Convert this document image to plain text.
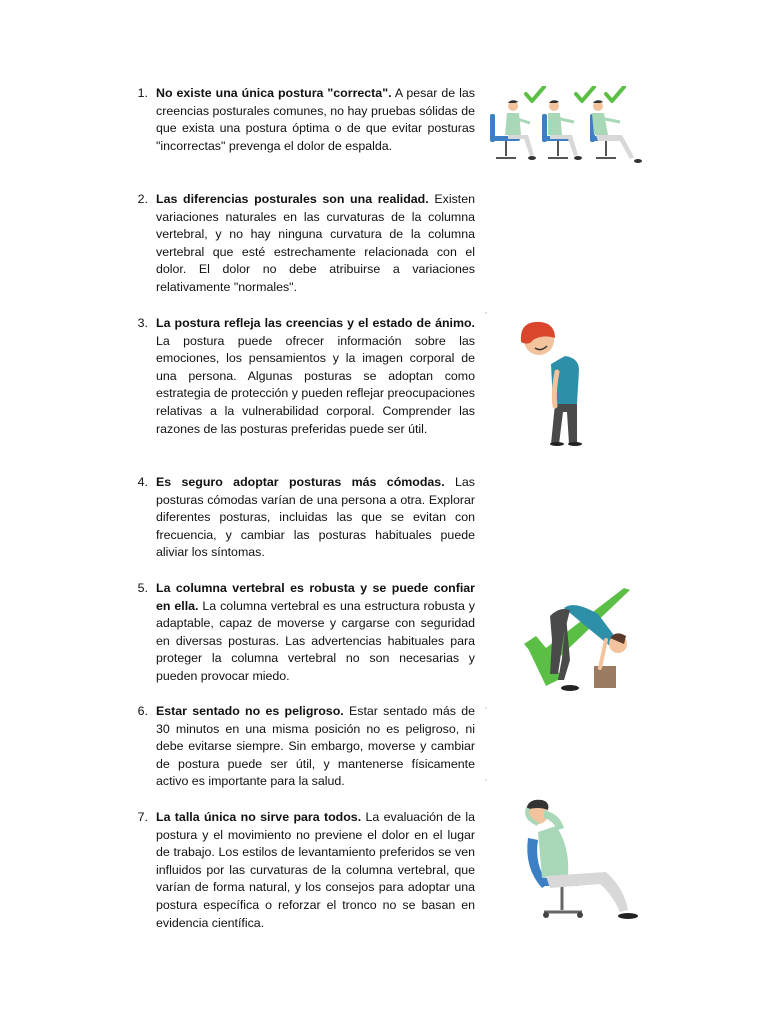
1. No existe una única postura "correcta". A pesar de las creencias posturales comunes, no hay pruebas sólidas de que exista una postura óptima o de que evitar posturas "incorrectas" prevenga el dolor de espalda.
2. Las diferencias posturales son una realidad. Existen variaciones naturales en las curvaturas de la columna vertebral, y no hay ninguna curvatura de la columna vertebral que esté estrechamente relacionada con el dolor. El dolor no debe atribuirse a variaciones relativamente "normales".
3. La postura refleja las creencias y el estado de ánimo. La postura puede ofrecer información sobre las emociones, los pensamientos y la imagen corporal de una persona. Algunas posturas se adoptan como estrategia de protección y pueden reflejar preocupaciones relativas a la vulnerabilidad corporal. Comprender las razones de las posturas preferidas puede ser útil.
4. Es seguro adoptar posturas más cómodas. Las posturas cómodas varían de una persona a otra. Explorar diferentes posturas, incluidas las que se evitan con frecuencia, y cambiar las posturas habituales puede aliviar los síntomas.
5. La columna vertebral es robusta y se puede confiar en ella. La columna vertebral es una estructura robusta y adaptable, capaz de moverse y cargarse con seguridad en diversas posturas. Las advertencias habituales para proteger la columna vertebral no son necesarias y pueden provocar miedo.
6. Estar sentado no es peligroso. Estar sentado más de 30 minutos en una misma posición no es peligroso, ni debe evitarse siempre. Sin embargo, moverse y cambiar de postura puede ser útil, y mantenerse físicamente activo es importante para la salud.
7. La talla única no sirve para todos. La evaluación de la postura y el movimiento no previene el dolor en el lugar de trabajo. Los estilos de levantamiento preferidos se ven influidos por las curvaturas de la columna vertebral, que varían de forma natural, y los consejos para adoptar una postura específica o reforzar el tronco no se basan en evidencia científica.
‚
‚
‚
